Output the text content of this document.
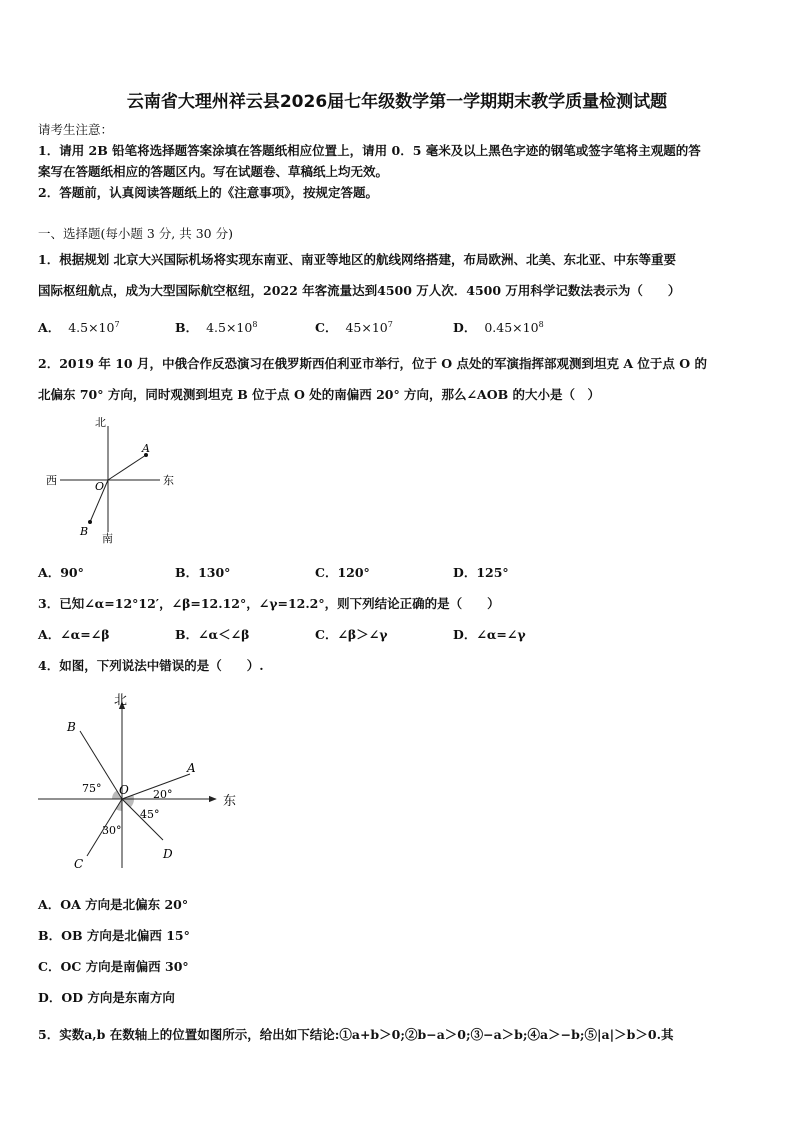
云南省大理州祥云县2026届七年级数学第一学期期末教学质量检测试题
请考生注意：
1．请用 2B 铅笔将选择题答案涂填在答题纸相应位置上，请用 0．5 毫米及以上黑色字迹的钢笔或签字笔将主观题的答
案写在答题纸相应的答题区内。写在试题卷、草稿纸上均无效。
2．答题前，认真阅读答题纸上的《注意事项》，按规定答题。
一、选择题(每小题 3 分, 共 30 分)
1．根据规划 北京大兴国际机场将实现东南亚、南亚等地区的航线网络搭建，布局欧洲、北美、东北亚、中东等重要
国际枢纽航点，成为大型国际航空枢纽，2022 年客流量达到4500 万人次．4500 万用科学记数法表示为（　　）
A． $4.5\times 10^7$	B． $4.5\times 10^8$	C． $45\times 10^7$	D． $0.45\times 10^8$
2．2019 年 10 月，中俄合作反恐演习在俄罗斯西伯利亚市举行，位于 O 点处的军演指挥部观测到坦克 A 位于点 O 的
北偏东 70° 方向，同时观测到坦克 B 位于点 O 处的南偏西 20° 方向，那么∠AOB 的大小是（　）
北
南
西	东
A
B
O
A．90°	B．130°	C．120°	D．125°
3．已知∠α=12°12′，∠β=12.12°，∠γ=12.2°，则下列结论正确的是（　　）
A．∠α=∠β	B．∠α＜∠β	C．∠β＞∠γ	D．∠α=∠γ
4．如图，下列说法中错误的是（　　）.
北
东
A
B
C
D
O
75°	20°
45°
30°
A．OA 方向是北偏东 20°
B．OB 方向是北偏西 15°
C．OC 方向是南偏西 30°
D．OD 方向是东南方向
5．实数a,b 在数轴上的位置如图所示，给出如下结论:①a+b＞0;②b−a＞0;③−a＞b;④a＞−b;⑤|a|＞b＞0.其
